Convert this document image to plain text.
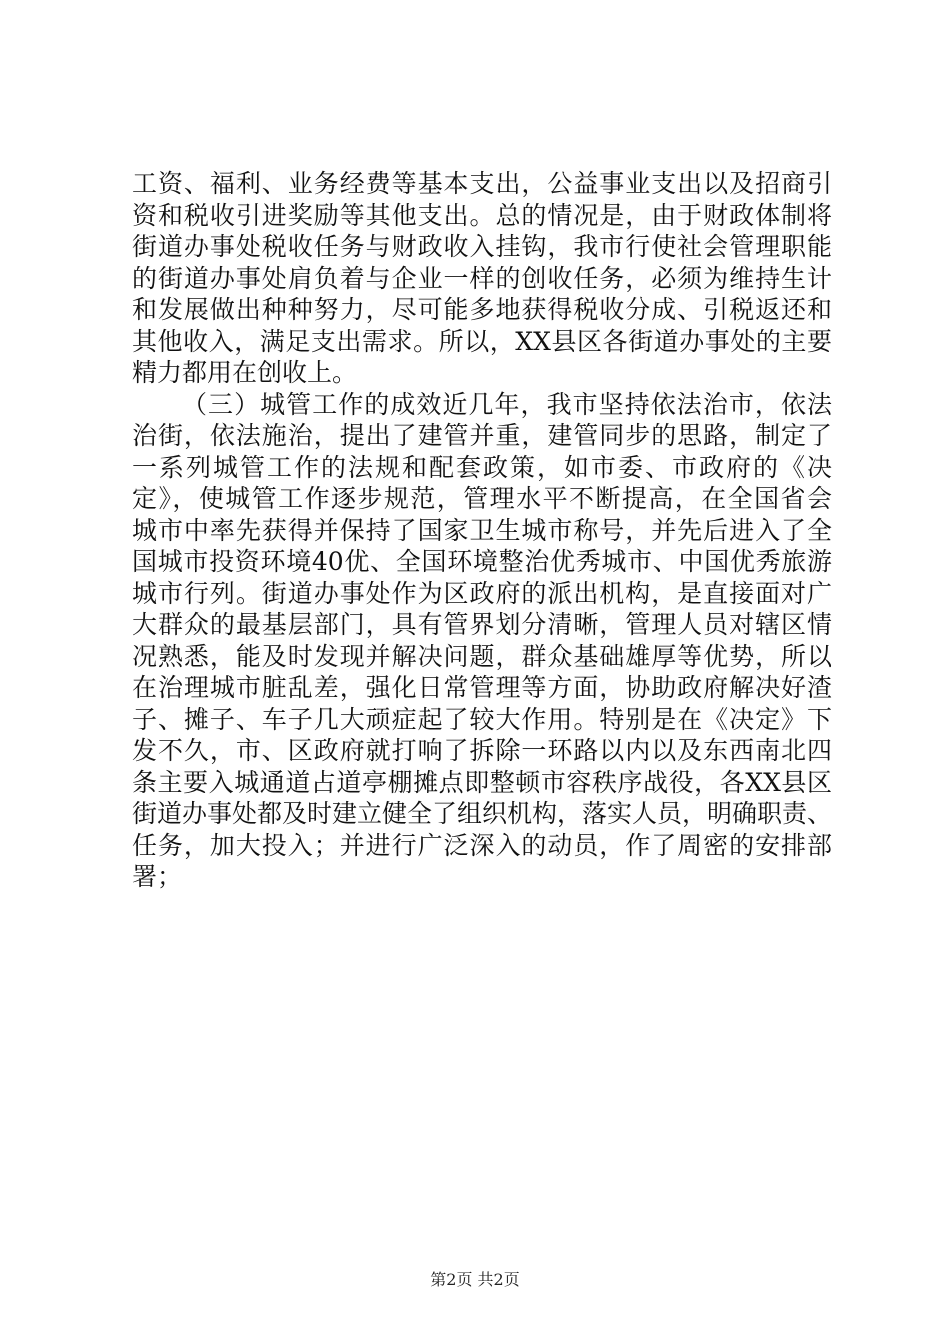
工资、福利、业务经费等基本支出，公益事业支出以及招商引
资和税收引进奖励等其他支出。总的情况是，由于财政体制将
街道办事处税收任务与财政收入挂钩，我市行使社会管理职能
的街道办事处肩负着与企业一样的创收任务，必须为维持生计
和发展做出种种努力，尽可能多地获得税收分成、引税返还和
其他收入，满足支出需求。所以，XX县区各街道办事处的主要
精力都用在创收上。
（三）城管工作的成效近几年，我市坚持依法治市，依法
治街，依法施治，提出了建管并重，建管同步的思路，制定了
一系列城管工作的法规和配套政策，如市委、市政府的《决
定》，使城管工作逐步规范，管理水平不断提高，在全国省会
城市中率先获得并保持了国家卫生城市称号，并先后进入了全
国城市投资环境40优、全国环境整治优秀城市、中国优秀旅游
城市行列。街道办事处作为区政府的派出机构，是直接面对广
大群众的最基层部门，具有管界划分清晰，管理人员对辖区情
况熟悉，能及时发现并解决问题，群众基础雄厚等优势，所以
在治理城市脏乱差，强化日常管理等方面，协助政府解决好渣
子、摊子、车子几大顽症起了较大作用。特别是在《决定》下
发不久，市、区政府就打响了拆除一环路以内以及东西南北四
条主要入城通道占道亭棚摊点即整顿市容秩序战役，各XX县区
街道办事处都及时建立健全了组织机构，落实人员，明确职责、
任务，加大投入；并进行广泛深入的动员，作了周密的安排部
署；
第2页 共2页
